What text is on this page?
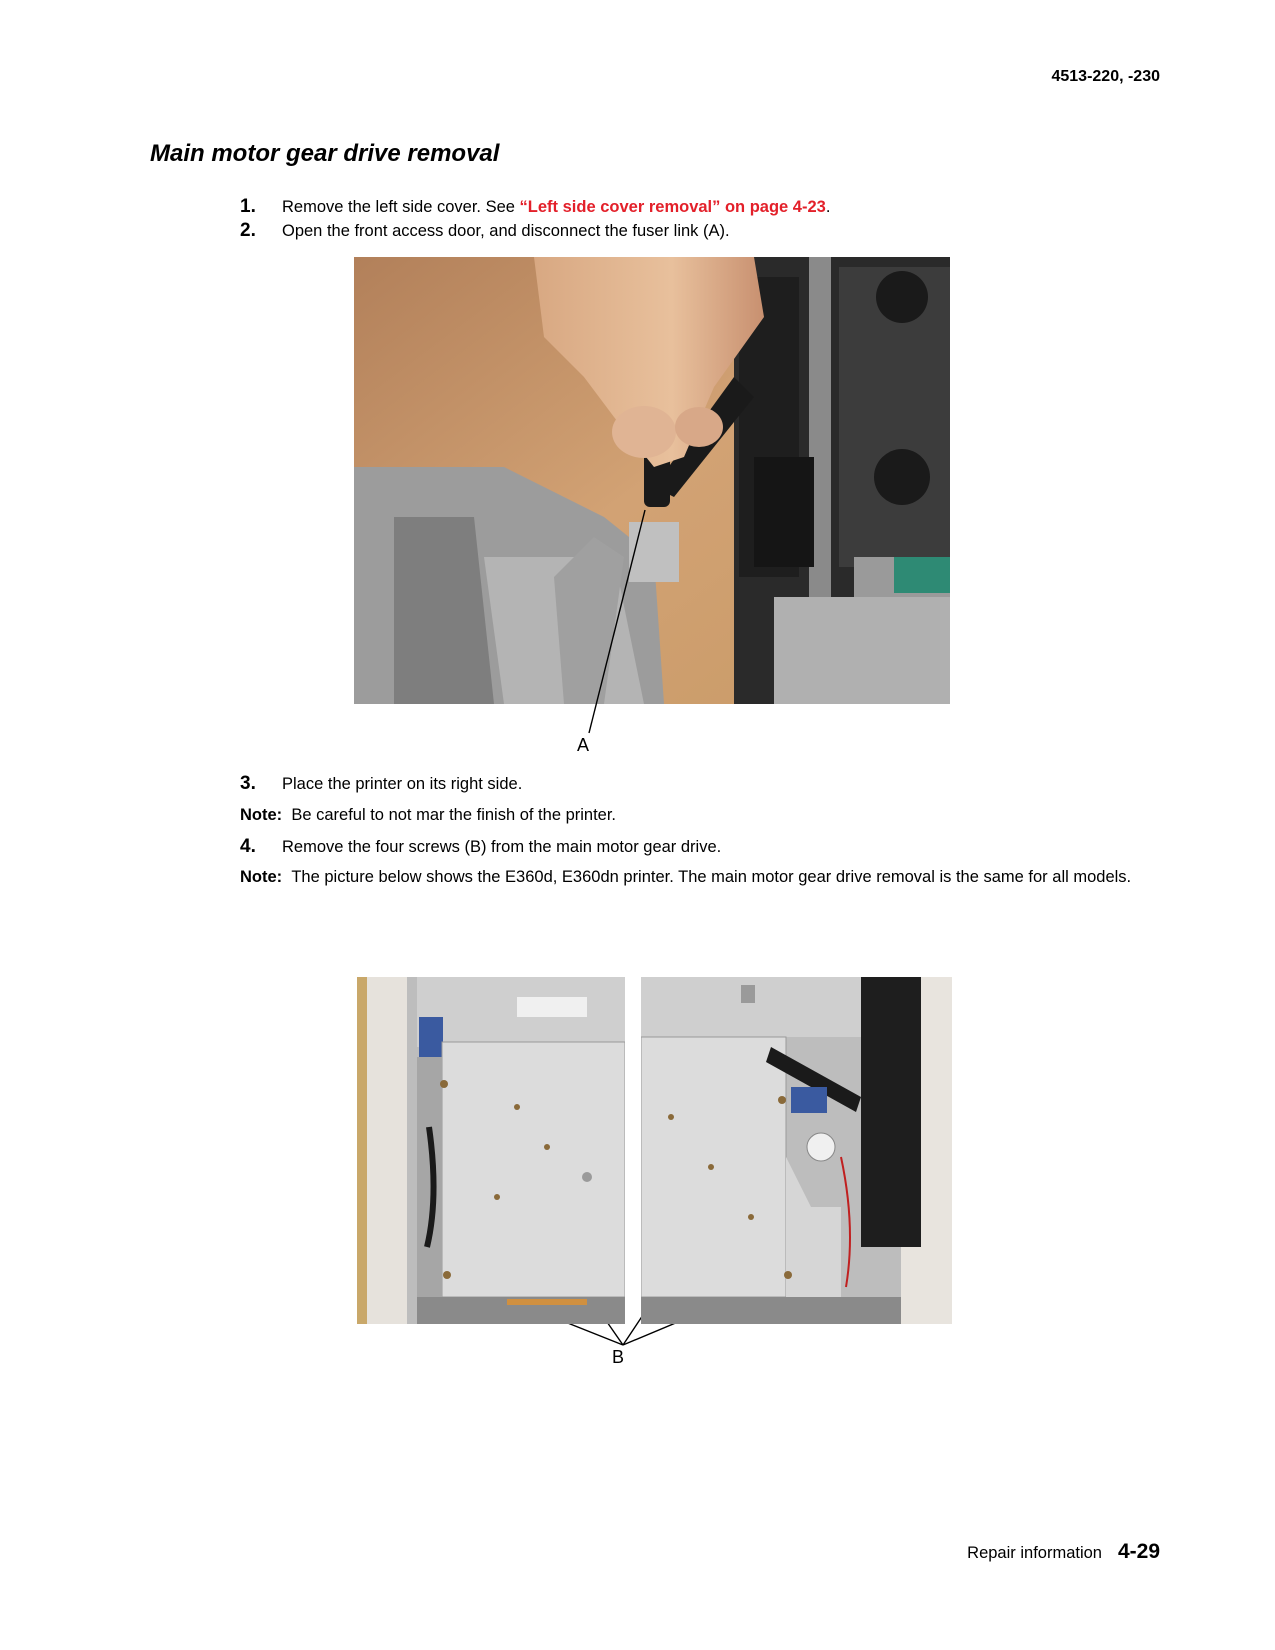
4513-220, -230
Main motor gear drive removal
1. Remove the left side cover. See “Left side cover removal” on page 4-23.
2. Open the front access door, and disconnect the fuser link (A).
A
3. Place the printer on its right side.
Note: Be careful to not mar the finish of the printer.
4. Remove the four screws (B) from the main motor gear drive.
Note: The picture below shows the E360d, E360dn printer. The main motor gear drive removal is the same for all models.
B
Repair information 4-29
